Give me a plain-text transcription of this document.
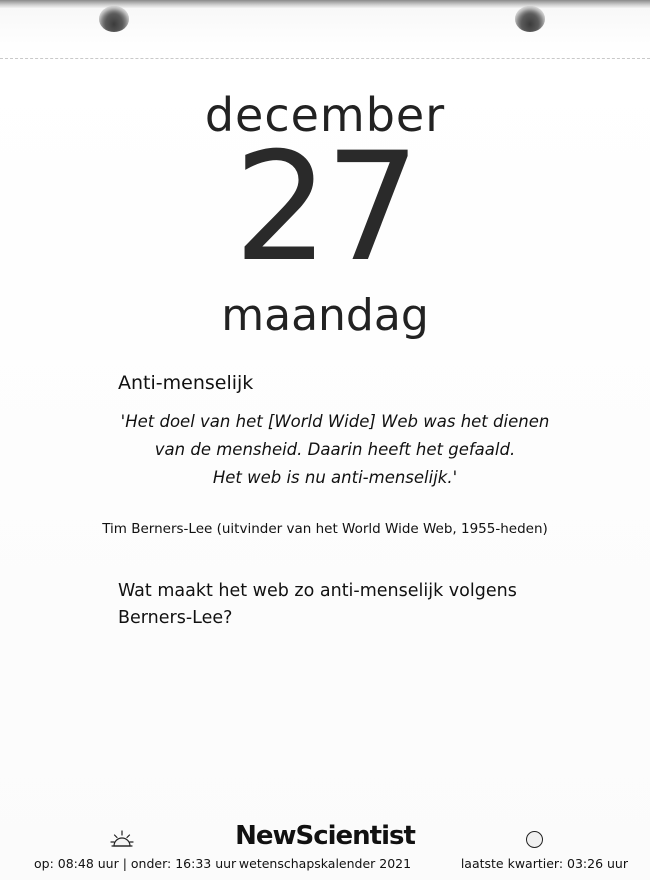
december
27
maandag
Anti-menselijk
'Het doel van het [World Wide] Web was het dienen
van de mensheid. Daarin heeft het gefaald.
Het web is nu anti-menselijk.'
Tim Berners-Lee (uitvinder van het World Wide Web, 1955-heden)
Wat maakt het web zo anti-menselijk volgens
Berners-Lee?
NewScientist
op: 08:48 uur | onder: 16:33 uur wetenschapskalender 2021	laatste kwartier: 03:26 uur
